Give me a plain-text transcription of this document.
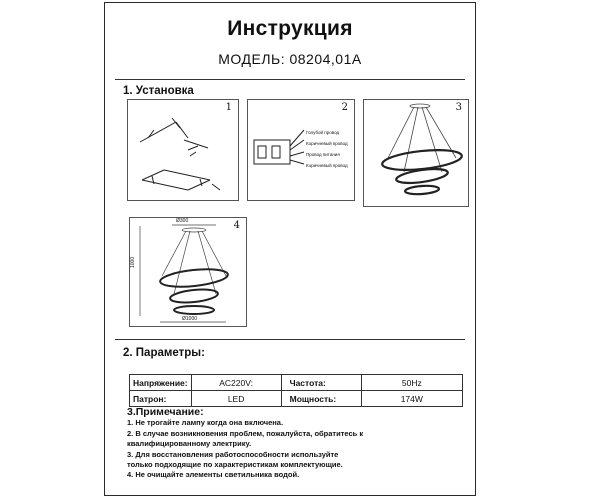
Инструкция
МОДЕЛЬ: 08204,01A
1. Установка
1	2
Голубой провод
Коричневый провод
Провод питания
Коричневый провод
3
4
Ø300
Ø1000
1000
2. Параметры:
Напряжение:	AC220V:	Частота:	50Hz
Патрон:	LED	Мощность:	174W
3.Примечание:
1. Не трогайте лампу когда она включена.
2. В случае возникновения проблем, пожалуйста, обратитесь к
квалифицированному электрику.
3. Для восстановления работоспособности используйте
только подходящие по характеристикам комплектующие.
4. Не очищайте элементы светильника водой.
